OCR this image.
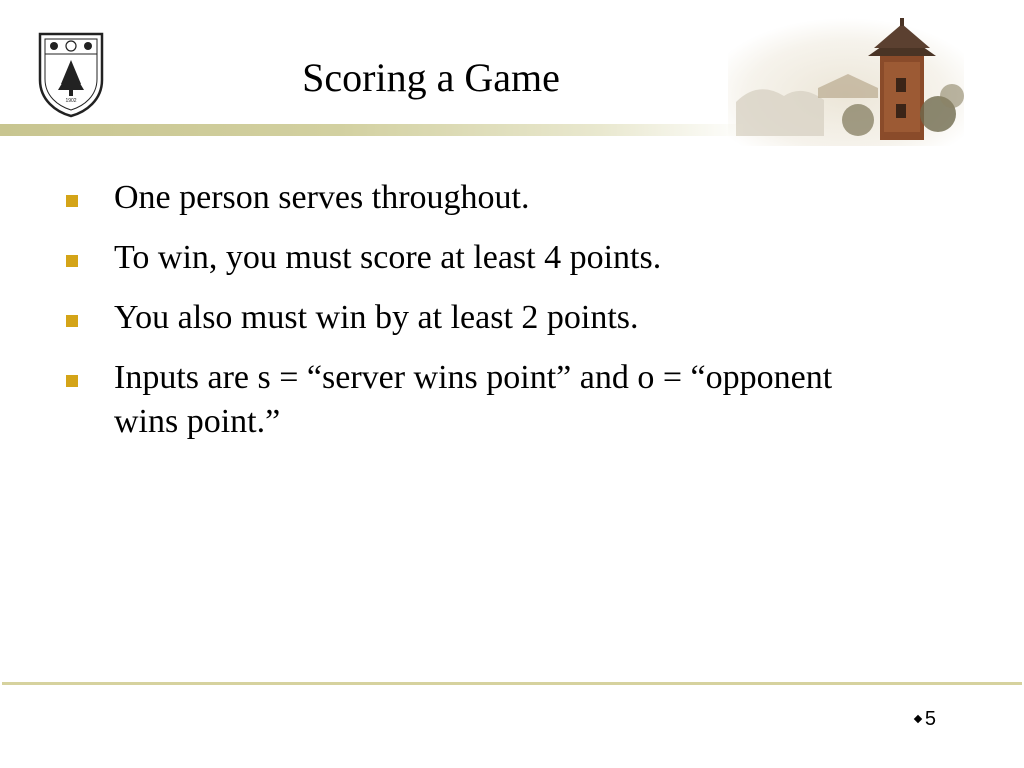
1902
Scoring a Game
One person serves throughout.
To win, you must score at least 4 points.
You also must win by at least 2 points.
Inputs are s = “server wins point” and o = “opponent wins point.”
5
